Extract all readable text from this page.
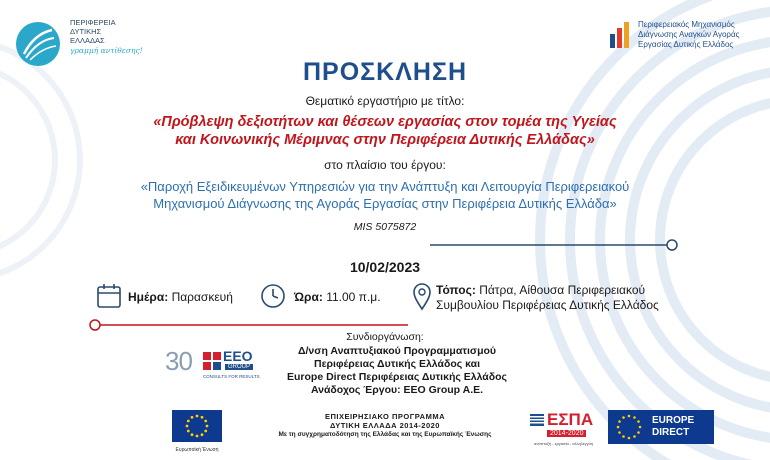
ΠΕΡΙΦΕΡΕΙΑ
ΔΥΤΙΚΗΣ
ΕΛΛΑΔΑΣ
γραμμή αντίθεσης!
Περιφερειακός Μηχανισμός
Διάγνωσης Αναγκών Αγοράς
Εργασίας Δυτικής Ελλάδος
ΠΡΟΣΚΛΗΣΗ
Θεματικό εργαστήριο με τίτλο:
«Πρόβλεψη δεξιοτήτων και θέσεων εργασίας στον τομέα της Υγείας
και Κοινωνικής Μέριμνας στην Περιφέρεια Δυτικής Ελλάδας»
στο πλαίσιο του έργου:
«Παροχή Εξειδικευμένων Υπηρεσιών για την Ανάπτυξη και Λειτουργία Περιφερειακού
Μηχανισμού Διάγνωσης της Αγοράς Εργασίας στην Περιφέρεια Δυτικής Ελλάδα»
MIS 5075872
10/02/2023
Ημέρα: Παρασκευή	Ώρα: 11.00 π.μ.	Τόπος: Πάτρα, Αίθουσα Περιφερειακού
Συμβουλίου Περιφέρειας Δυτικής Ελλάδος
Συνδιοργάνωση:
Δ/νση Αναπτυξιακού Προγραμματισμού
Περιφέρειας Δυτικής Ελλάδος και
Europe Direct Περιφέρειας Δυτικής Ελλάδος
Ανάδοχος Έργου: EEO Group A.E.
30 EEO
GROUP
CONSULTS FOR RESULTS
Ευρωπαϊκή Ένωση
ΕΠΙΧΕΙΡΗΣΙΑΚΟ ΠΡΟΓΡΑΜΜΑ
ΔΥΤΙΚΗ ΕΛΛΑΔΑ 2014-2020
Με τη συγχρηματοδότηση της Ελλάδας και της Ευρωπαϊκής Ένωσης
ΕΣΠΑ
2014-2020
ανάπτυξη - εργασία - αλληλεγγύη
EUROPE
DIRECT
